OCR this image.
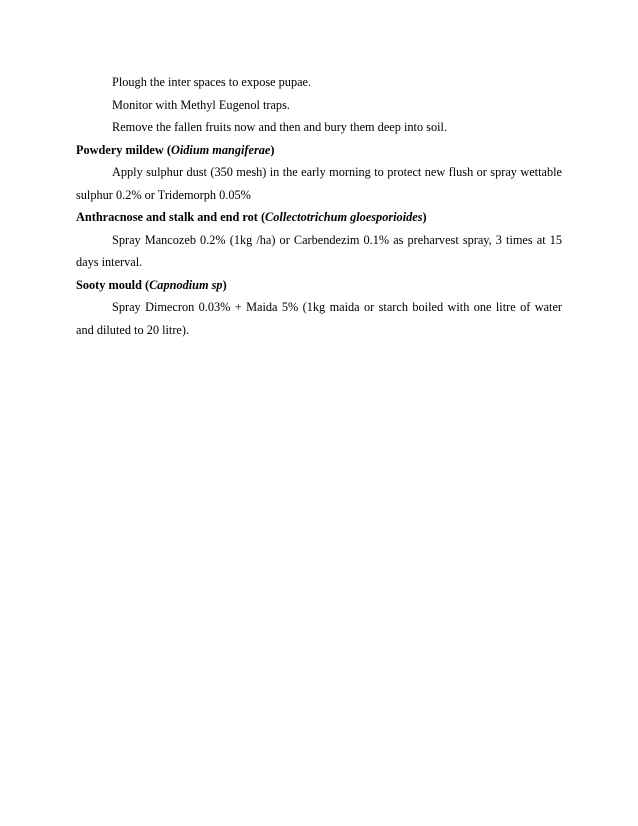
Plough the inter spaces to expose pupae.
Monitor with Methyl Eugenol traps.
Remove the fallen fruits now and then and bury them deep into soil.
Powdery mildew (Oidium mangiferae)
Apply sulphur dust (350 mesh) in the early morning to protect new flush or spray wettable sulphur 0.2% or Tridemorph 0.05%
Anthracnose and stalk and end rot (Collectotrichum gloesporioides)
Spray Mancozeb 0.2% (1kg /ha) or Carbendezim 0.1% as preharvest spray, 3 times at 15 days interval.
Sooty mould (Capnodium sp)
Spray Dimecron 0.03% + Maida 5% (1kg maida or starch boiled with one litre of water and diluted to 20 litre).
